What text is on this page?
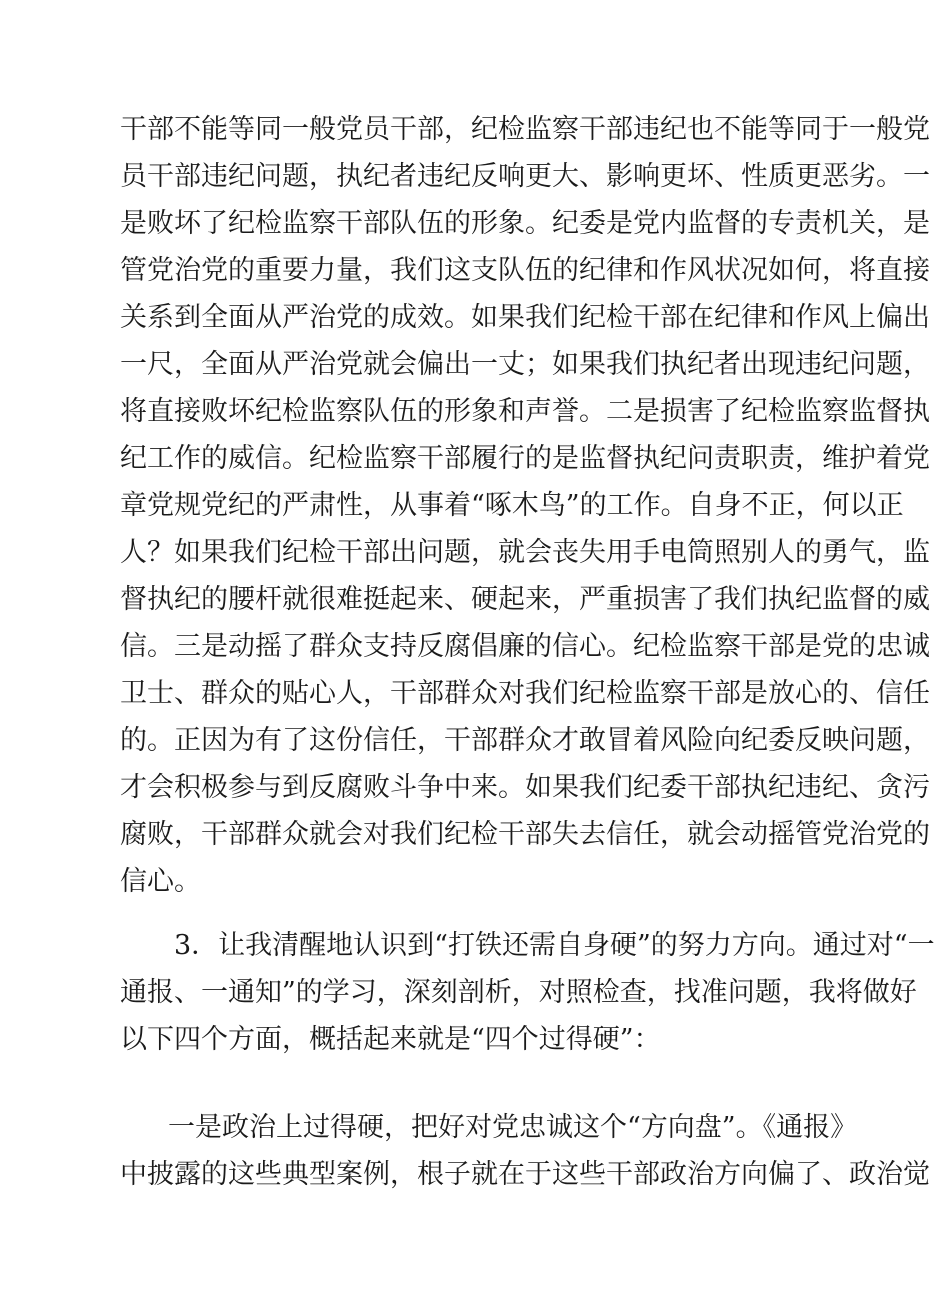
干部不能等同一般党员干部，纪检监察干部违纪也不能等同于一般党
员干部违纪问题，执纪者违纪反响更大、影响更坏、性质更恶劣。一
是败坏了纪检监察干部队伍的形象。纪委是党内监督的专责机关，是
管党治党的重要力量，我们这支队伍的纪律和作风状况如何，将直接
关系到全面从严治党的成效。如果我们纪检干部在纪律和作风上偏出
一尺，全面从严治党就会偏出一丈；如果我们执纪者出现违纪问题，
将直接败坏纪检监察队伍的形象和声誉。二是损害了纪检监察监督执
纪工作的威信。纪检监察干部履行的是监督执纪问责职责，维护着党
章党规党纪的严肃性，从事着“啄木鸟”的工作。自身不正，何以正
人？如果我们纪检干部出问题，就会丧失用手电筒照别人的勇气，监
督执纪的腰杆就很难挺起来、硬起来，严重损害了我们执纪监督的威
信。三是动摇了群众支持反腐倡廉的信心。纪检监察干部是党的忠诚
卫士、群众的贴心人，干部群众对我们纪检监察干部是放心的、信任
的。正因为有了这份信任，干部群众才敢冒着风险向纪委反映问题，
才会积极参与到反腐败斗争中来。如果我们纪委干部执纪违纪、贪污
腐败，干部群众就会对我们纪检干部失去信任，就会动摇管党治党的
信心。
3．让我清醒地认识到“打铁还需自身硬”的努力方向。通过对“一
通报、一通知”的学习，深刻剖析，对照检查，找准问题，我将做好
以下四个方面，概括起来就是“四个过得硬”：
一是政治上过得硬，把好对党忠诚这个“方向盘”。《通报》
中披露的这些典型案例，根子就在于这些干部政治方向偏了、政治觉
